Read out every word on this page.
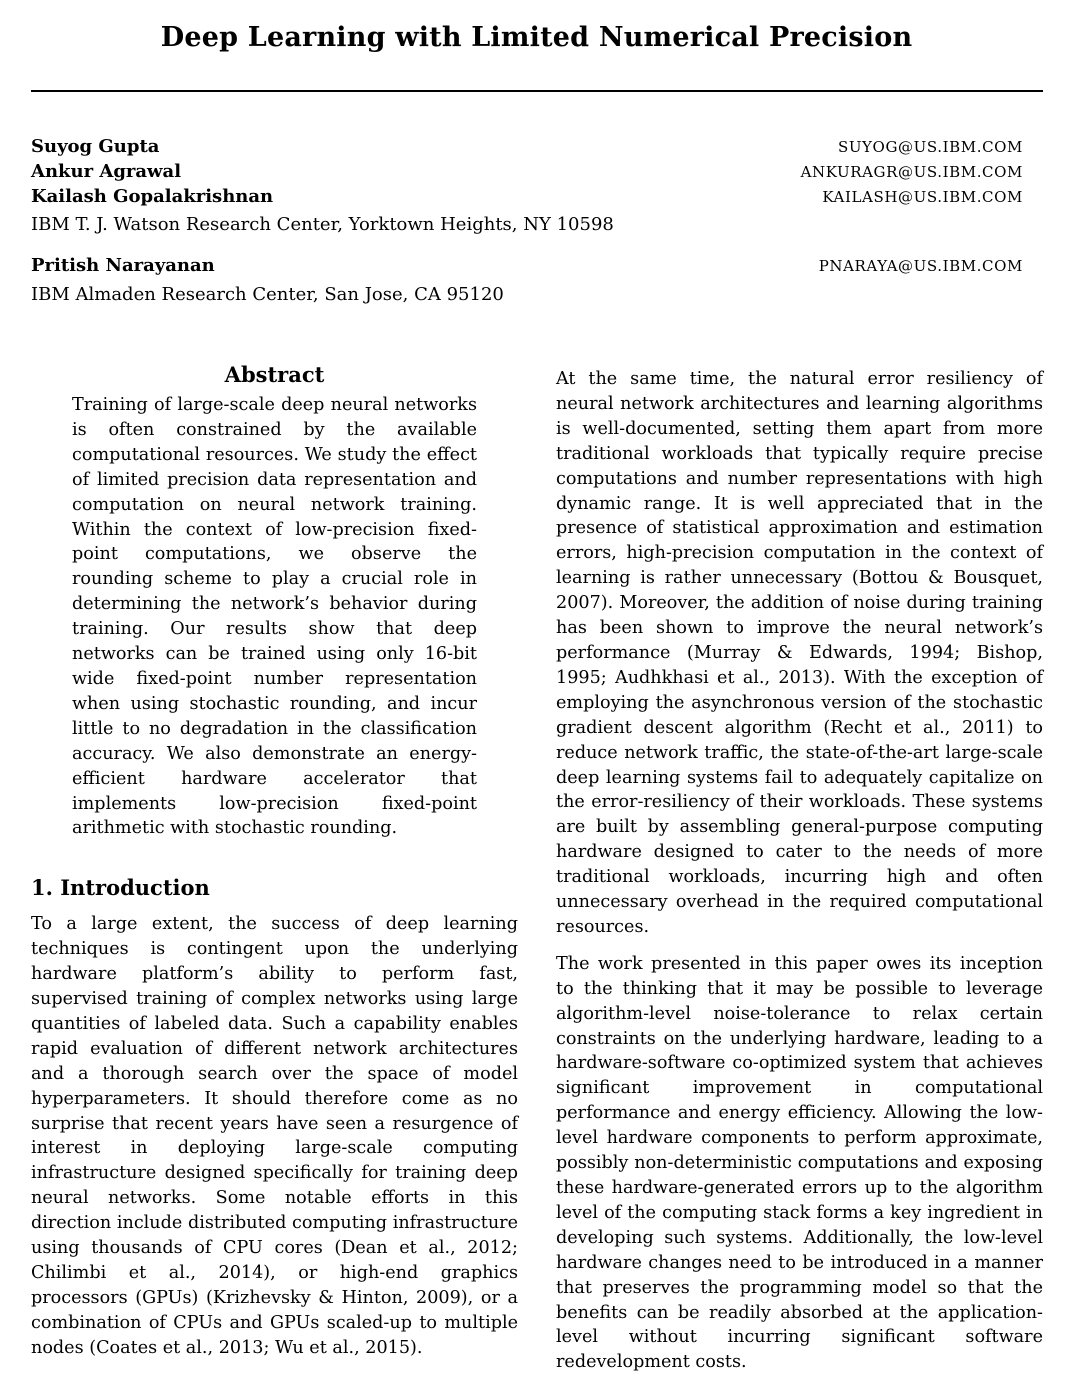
Deep Learning with Limited Numerical Precision
Suyog Gupta	SUYOG@US.IBM.COM
Ankur Agrawal	ANKURAGR@US.IBM.COM
Kailash Gopalakrishnan	KAILASH@US.IBM.COM
IBM T. J. Watson Research Center, Yorktown Heights, NY 10598
Pritish Narayanan	PNARAYA@US.IBM.COM
IBM Almaden Research Center, San Jose, CA 95120
Abstract
Training of large-scale deep neural networks is often constrained by the available computational resources. We study the effect of limited precision data representation and computation on neural network training. Within the context of low-precision fixed-point computations, we observe the rounding scheme to play a crucial role in determining the network’s behavior during training. Our results show that deep networks can be trained using only 16-bit wide fixed-point number representation when using stochastic rounding, and incur little to no degradation in the classification accuracy. We also demonstrate an energy-efficient hardware accelerator that implements low-precision fixed-point arithmetic with stochastic rounding.
1. Introduction

To a large extent, the success of deep learning techniques is contingent upon the underlying hardware platform’s ability to perform fast, supervised training of complex networks using large quantities of labeled data. Such a capability enables rapid evaluation of different network architectures and a thorough search over the space of model hyperparameters. It should therefore come as no surprise that recent years have seen a resurgence of interest in deploying large-scale computing infrastructure designed specifically for training deep neural networks. Some notable efforts in this direction include distributed computing infrastructure using thousands of CPU cores (Dean et al., 2012; Chilimbi et al., 2014), or high-end graphics processors (GPUs) (Krizhevsky & Hinton, 2009), or a combination of CPUs and GPUs scaled-up to multiple nodes (Coates et al., 2013; Wu et al., 2015).

At the same time, the natural error resiliency of neural network architectures and learning algorithms is well-documented, setting them apart from more traditional workloads that typically require precise computations and number representations with high dynamic range. It is well appreciated that in the presence of statistical approximation and estimation errors, high-precision computation in the context of learning is rather unnecessary (Bottou & Bousquet, 2007). Moreover, the addition of noise during training has been shown to improve the neural network’s performance (Murray & Edwards, 1994; Bishop, 1995; Audhkhasi et al., 2013). With the exception of employing the asynchronous version of the stochastic gradient descent algorithm (Recht et al., 2011) to reduce network traffic, the state-of-the-art large-scale deep learning systems fail to adequately capitalize on the error-resiliency of their workloads. These systems are built by assembling general-purpose computing hardware designed to cater to the needs of more traditional workloads, incurring high and often unnecessary overhead in the required computational resources.

The work presented in this paper owes its inception to the thinking that it may be possible to leverage algorithm-level noise-tolerance to relax certain constraints on the underlying hardware, leading to a hardware-software co-optimized system that achieves significant improvement in computational performance and energy efficiency. Allowing the low-level hardware components to perform approximate, possibly non-deterministic computations and exposing these hardware-generated errors up to the algorithm level of the computing stack forms a key ingredient in developing such systems. Additionally, the low-level hardware changes need to be introduced in a manner that preserves the programming model so that the benefits can be readily absorbed at the application-level without incurring significant software redevelopment costs.
